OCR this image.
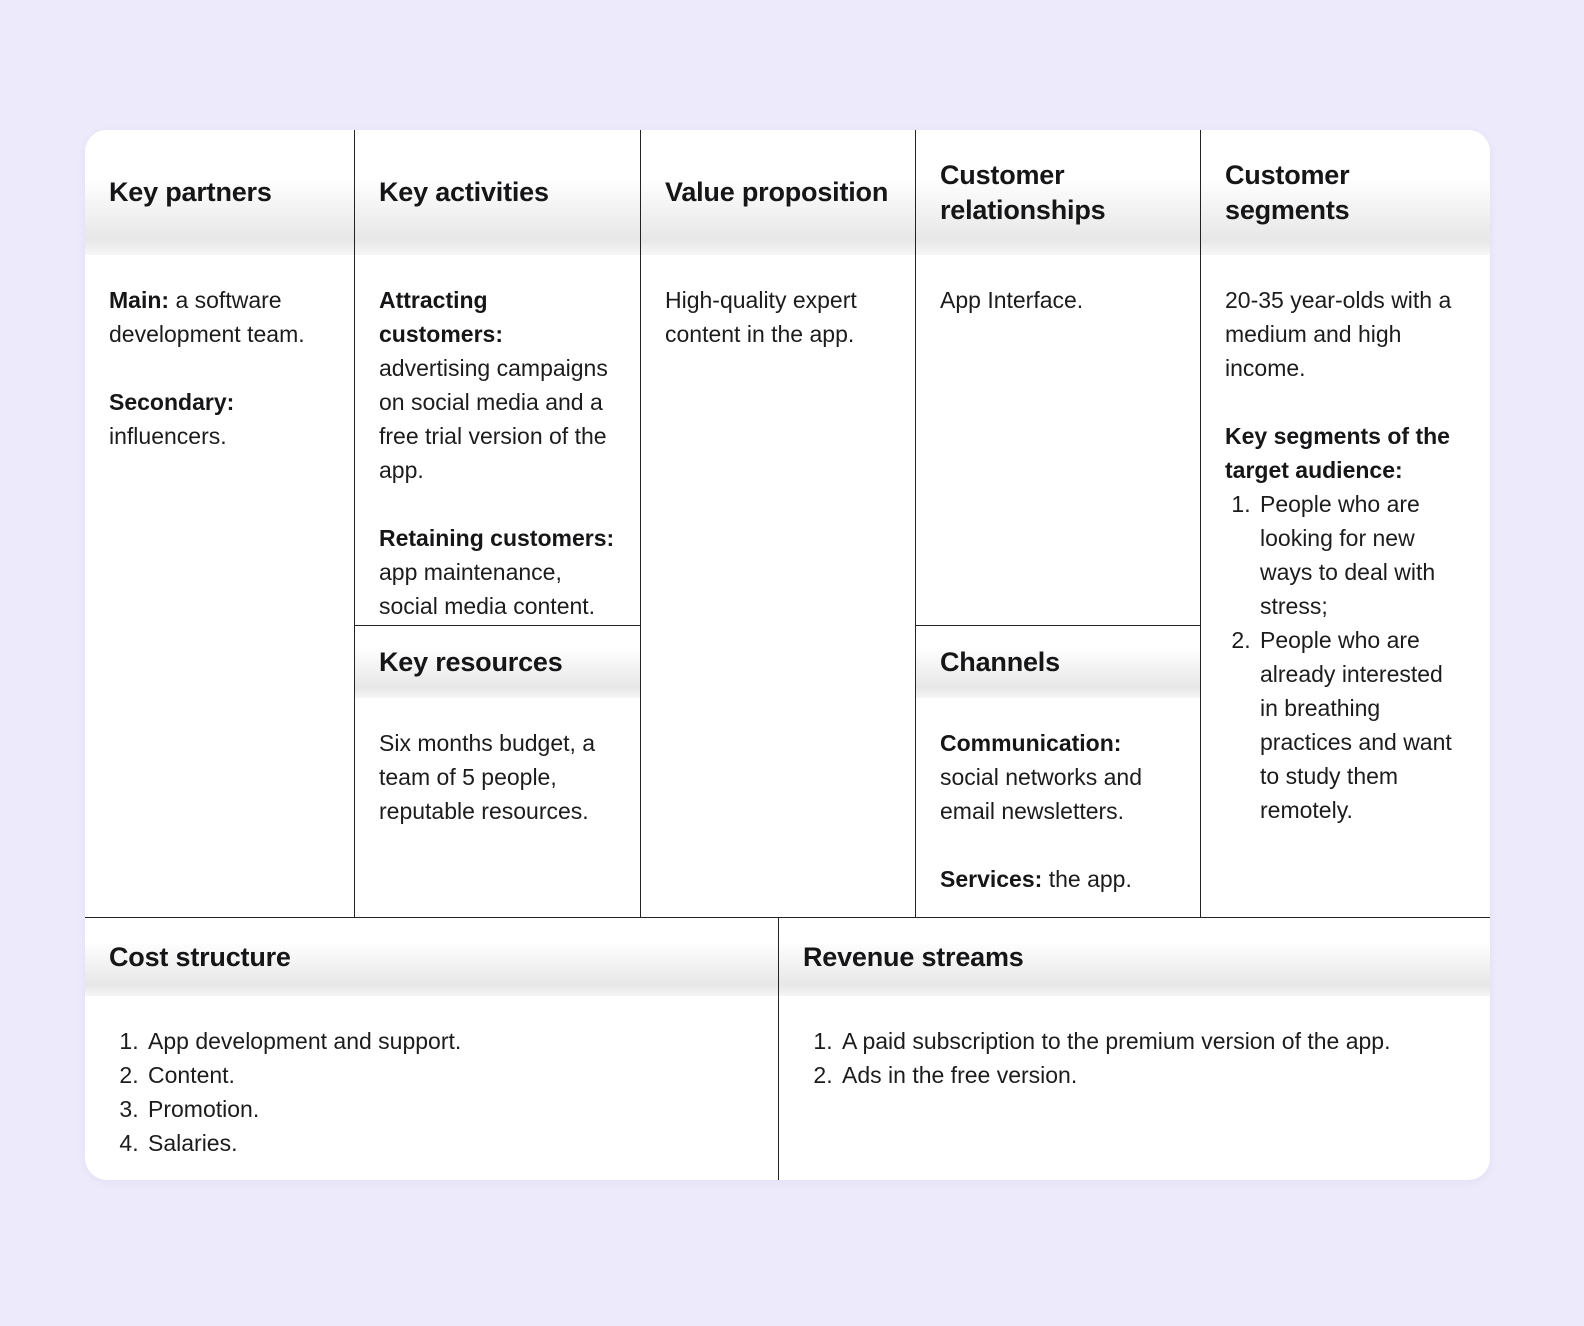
Key partners

Main: a software development team.

Secondary: influencers.

Key activities

Attracting customers: advertising campaigns on social media and a free trial version of the app.

Retaining customers: app maintenance, social media content.

Key resources

Six months budget, a team of 5 people, reputable resources.

Value proposition

High-quality expert content in the app.

Customer relationships

App Interface.

Channels

Communication: social networks and email newsletters.

Services: the app.

Customer segments

20-35 year-olds with a medium and high income.

Key segments of the target audience:

1. People who are looking for new ways to deal with stress;
2. People who are already interested in breathing practices and want to study them remotely.
Cost structure
1. App development and support.
2. Content.
3. Promotion.
4. Salaries.
Revenue streams
1. A paid subscription to the premium version of the app.
2. Ads in the free version.
